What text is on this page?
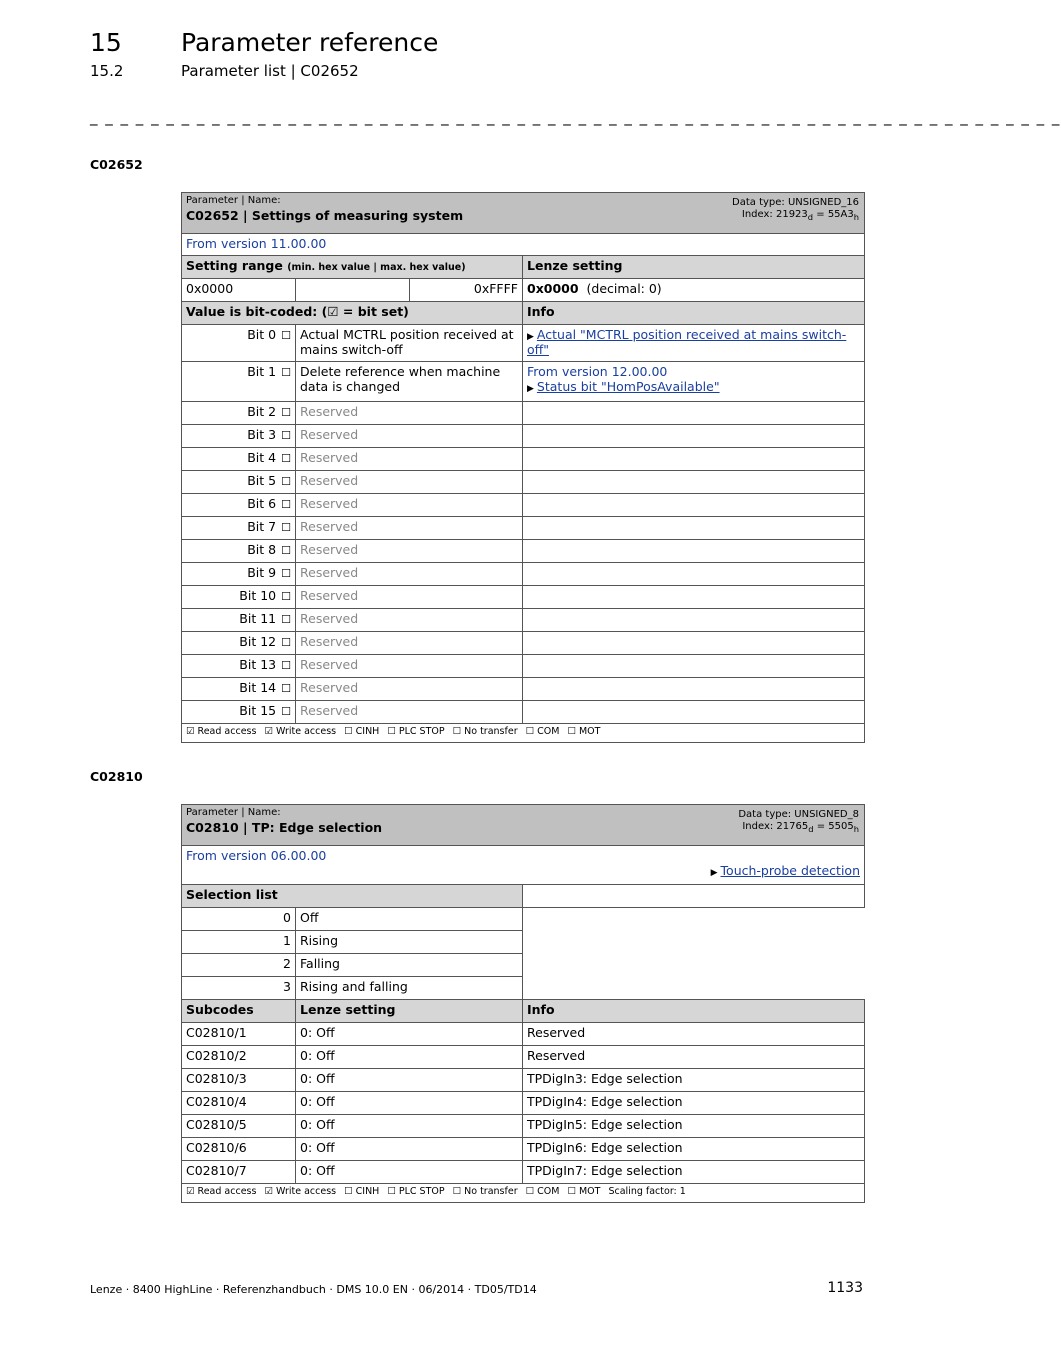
15 Parameter reference
15.2	Parameter list | C02652
_ _ _ _ _ _ _ _ _ _ _ _ _ _ _ _ _ _ _ _ _ _ _ _ _ _ _ _ _ _ _ _ _ _ _ _ _ _ _ _ _ _ _ _ _ _ _ _ _ _ _ _ _ _ _ _ _ _ _ _ _ _ _ _
C02652
Parameter | Name:
C02652 | Settings of measuring system
Data type: UNSIGNED_16
Index: $21923_d = 55A3_h$

From version 11.00.00			
Setting range (min. hex value | max. hex value)			Lenze setting
0x0000		0xFFFF	0x0000 (decimal: 0)
Value is bit-coded: (☑ = bit set)			Info
Bit 0 ☐	Actual MCTRL position received at mains switch-off		▶ Actual "MCTRL position received at mains switch-off"

Bit 1 ☐	Delete reference when machine data is changed		From version 12.00.00
▶ Status bit "HomPosAvailable"

Bit 2 ☐	Reserved		
Bit 3 ☐	Reserved		
Bit 4 ☐	Reserved		
Bit 5 ☐	Reserved		
Bit 6 ☐	Reserved		
Bit 7 ☐	Reserved		
Bit 8 ☐	Reserved		
Bit 9 ☐	Reserved		
Bit 10 ☐	Reserved		
Bit 11 ☐	Reserved		
Bit 12 ☐	Reserved		
Bit 13 ☐	Reserved		
Bit 14 ☐	Reserved		
Bit 15 ☐	Reserved		
☑ Read access ☑ Write access ☐ CINH ☐ PLC STOP ☐ No transfer ☐ COM ☐ MOT			
C02810
Parameter | Name:
C02810 | TP: Edge selection
Data type: UNSIGNED_8
Index: $21765_d = 5505_h$

From version 06.00.00
▶ Touch-probe detection		

Selection list		
0	Off	
1	Rising	
2	Falling	
3	Rising and falling	
Subcodes	Lenze setting	Info
C02810/1	0: Off	Reserved
C02810/2	0: Off	Reserved
C02810/3	0: Off	TPDigIn3: Edge selection
C02810/4	0: Off	TPDigIn4: Edge selection
C02810/5	0: Off	TPDigIn5: Edge selection
C02810/6	0: Off	TPDigIn6: Edge selection
C02810/7	0: Off	TPDigIn7: Edge selection
☑ Read access ☑ Write access ☐ CINH ☐ PLC STOP ☐ No transfer ☐ COM ☐ MOT Scaling factor: 1		
Lenze · 8400 HighLine · Referenzhandbuch · DMS 10.0 EN · 06/2014 · TD05/TD14	1133
